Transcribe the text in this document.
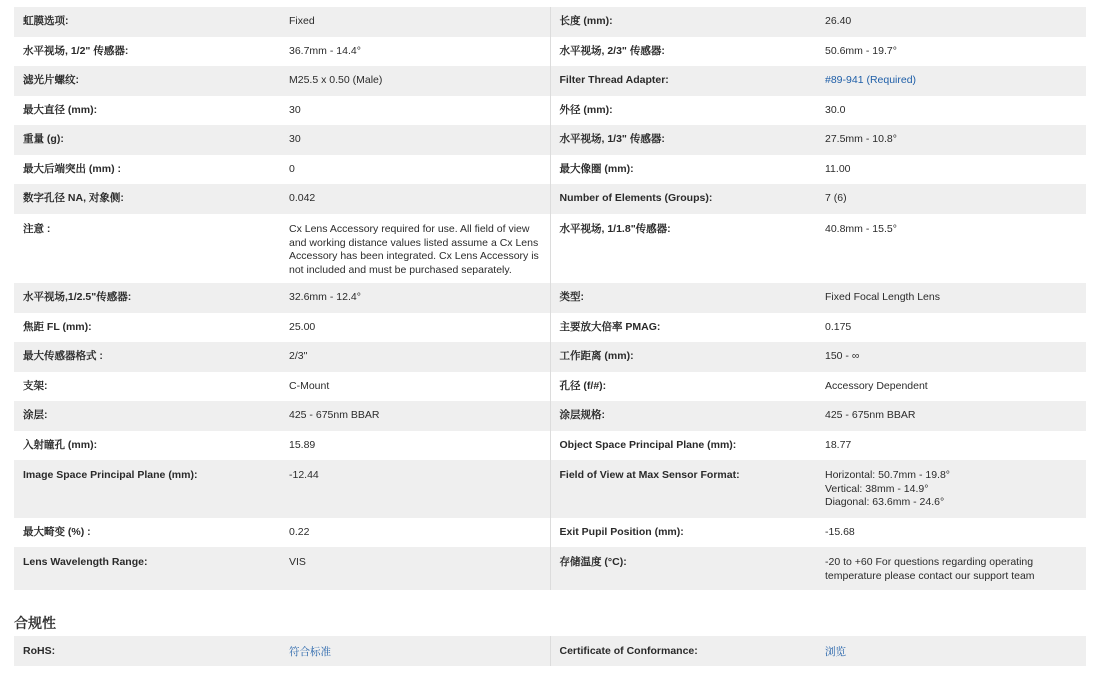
虹膜选项:	Fixed	长度 (mm):	26.40
水平视场, 1/2" 传感器:	36.7mm - 14.4°	水平视场, 2/3" 传感器:	50.6mm - 19.7°
滤光片螺纹:	M25.5 x 0.50 (Male)	Filter Thread Adapter:	#89-941 (Required)
最大直径 (mm):	30	外径 (mm):	30.0
重量 (g):	30	水平视场, 1/3" 传感器:	27.5mm - 10.8°
最大后端突出 (mm) :	0	最大像圈 (mm):	11.00
数字孔径 NA, 对象侧:	0.042	Number of Elements (Groups):	7 (6)
注意 :	Cx Lens Accessory required for use. All field of view and working distance values listed assume a Cx Lens Accessory has been integrated. Cx Lens Accessory is not included and must be purchased separately.	水平视场, 1/1.8"传感器:	40.8mm - 15.5°
水平视场,1/2.5"传感器:	32.6mm - 12.4°	类型:	Fixed Focal Length Lens
焦距 FL (mm):	25.00	主要放大倍率 PMAG:	0.175
最大传感器格式 :	2/3"	工作距离 (mm):	150 - ∞
支架:	C-Mount	孔径 (f/#):	Accessory Dependent
涂层:	425 - 675nm BBAR	涂层规格:	425 - 675nm BBAR
入射瞳孔 (mm):	15.89	Object Space Principal Plane (mm):	18.77
Image Space Principal Plane (mm):	-12.44	Field of View at Max Sensor Format:	Horizontal: 50.7mm - 19.8°
Vertical: 38mm - 14.9°
Diagonal: 63.6mm - 24.6°

最大畸变 (%) :	0.22	Exit Pupil Position (mm):	-15.68
Lens Wavelength Range:	VIS	存储温度 (°C):	-20 to +60 For questions regarding operating temperature please contact our support team
合规性
RoHS:	符合标准	Certificate of Conformance:	浏览
